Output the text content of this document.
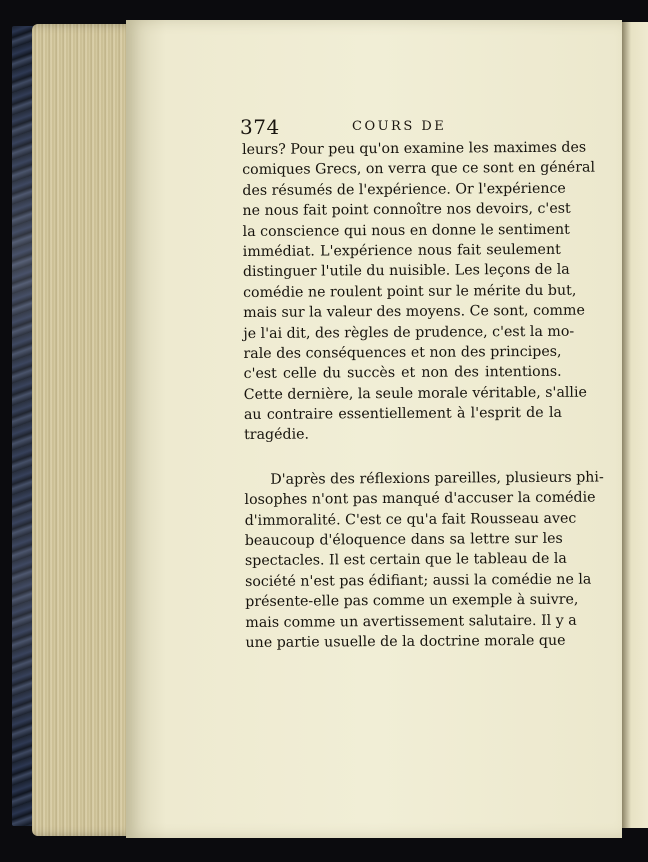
374	COURS DE
leurs? Pour peu qu'on examine les maximes des
comiques Grecs, on verra que ce sont en général
des résumés de l'expérience. Or l'expérience
ne nous fait point connoître nos devoirs, c'est
la conscience qui nous en donne le sentiment
immédiat. L'expérience nous fait seulement
distinguer l'utile du nuisible. Les leçons de la
comédie ne roulent point sur le mérite du but,
mais sur la valeur des moyens. Ce sont, comme
je l'ai dit, des règles de prudence, c'est la mo-
rale des conséquences et non des principes,
c'est celle du succès et non des intentions.
Cette dernière, la seule morale véritable, s'allie
au contraire essentiellement à l'esprit de la
tragédie.
D'après des réflexions pareilles, plusieurs phi-
losophes n'ont pas manqué d'accuser la comédie
d'immoralité. C'est ce qu'a fait Rousseau avec
beaucoup d'éloquence dans sa lettre sur les
spectacles. Il est certain que le tableau de la
société n'est pas édifiant; aussi la comédie ne la
présente-elle pas comme un exemple à suivre,
mais comme un avertissement salutaire. Il y a
une partie usuelle de la doctrine morale que
